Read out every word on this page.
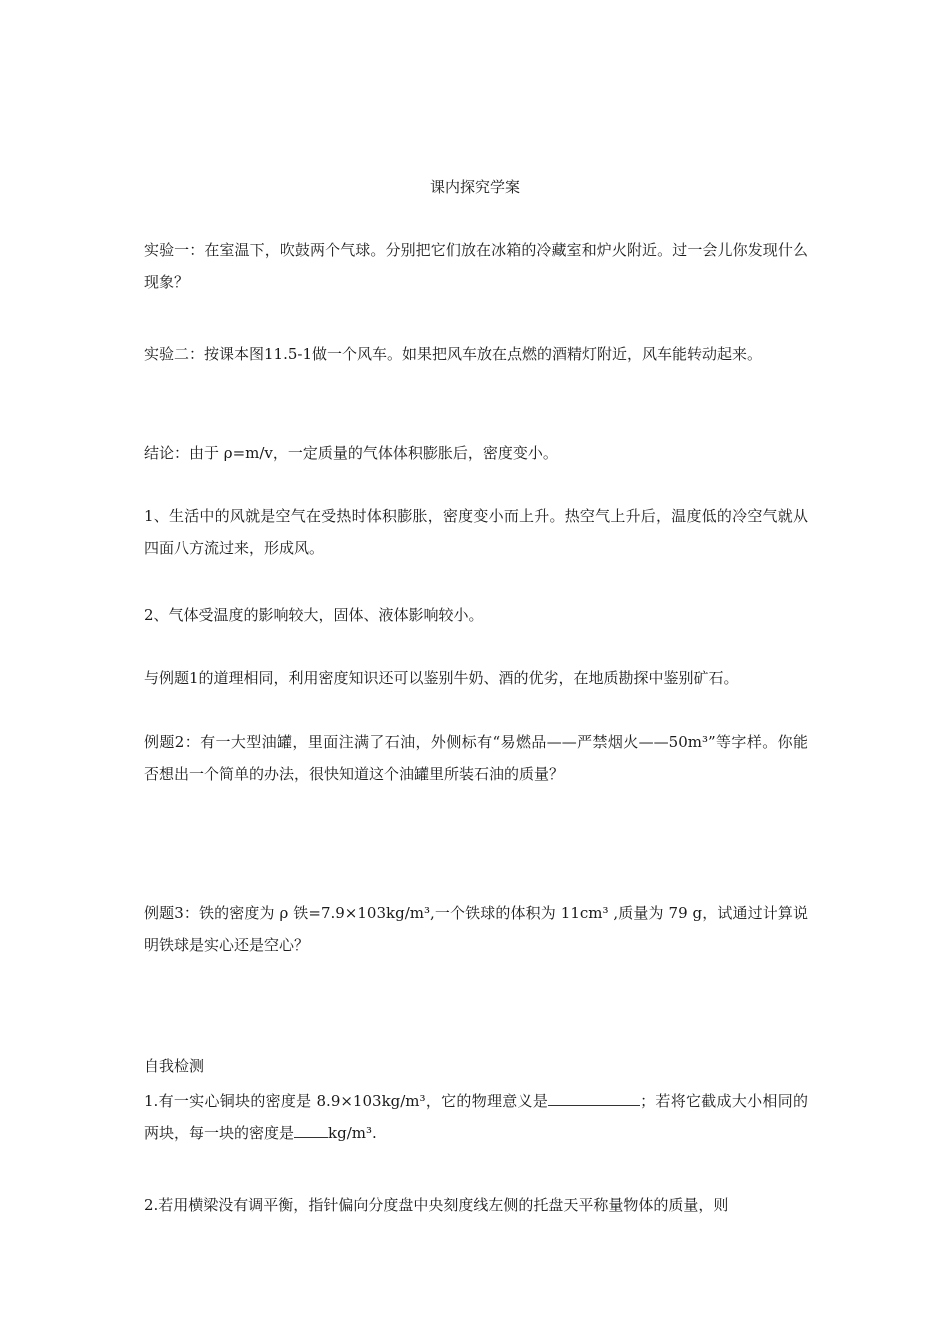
课内探究学案

实验一：在室温下，吹鼓两个气球。分别把它们放在冰箱的冷藏室和炉火附近。过一会儿你发现什么现象？

实验二：按课本图11.5-1做一个风车。如果把风车放在点燃的酒精灯附近，风车能转动起来。

结论：由于 ρ=m/v，一定质量的气体体积膨胀后，密度变小。

1、生活中的风就是空气在受热时体积膨胀，密度变小而上升。热空气上升后，温度低的冷空气就从四面八方流过来，形成风。

2、气体受温度的影响较大，固体、液体影响较小。

与例题1的道理相同，利用密度知识还可以鉴别牛奶、酒的优劣，在地质勘探中鉴别矿石。

例题2：有一大型油罐，里面注满了石油，外侧标有“易燃品——严禁烟火——50m³”等字样。你能否想出一个简单的办法，很快知道这个油罐里所装石油的质量？

例题3：铁的密度为 ρ 铁=7.9×103kg/m³,一个铁球的体积为 11cm³ ,质量为 79 g，试通过计算说明铁球是实心还是空心？

自我检测

1.有一实心铜块的密度是 8.9×103kg/m³，它的物理意义是	；若将它截成大小相同的两块，每一块的密度是 kg/m³.

2.若用横梁没有调平衡，指针偏向分度盘中央刻度线左侧的托盘天平称量物体的质量，则
